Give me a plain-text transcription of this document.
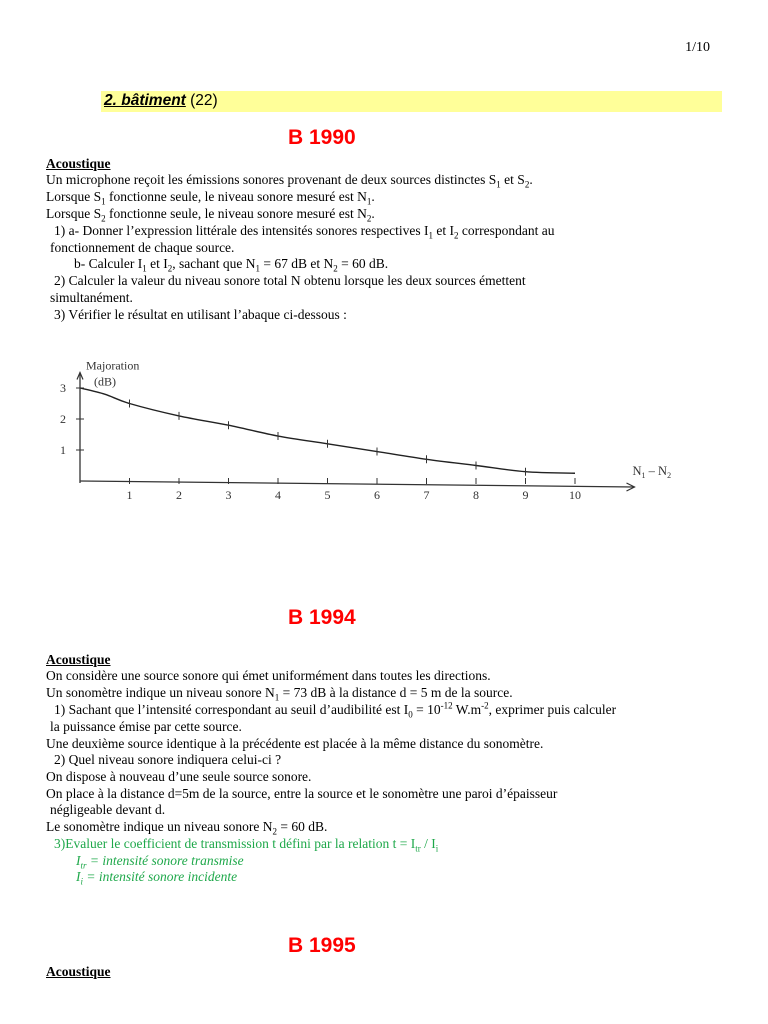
1/10
2. bâtiment (22)
B 1990
Acoustique
Un microphone reçoit les émissions sonores provenant de deux sources distinctes $S_1$ et $S_2$.
Lorsque $S_1$ fonctionne seule, le niveau sonore mesuré est $N_1$.
Lorsque $S_2$ fonctionne seule, le niveau sonore mesuré est $N_2$.
1) a- Donner l’expression littérale des intensités sonores respectives $I_1$ et $I_2$ correspondant au
fonctionnement de chaque source.
b- Calculer $I_1$ et $I_2$, sachant que $N_1 = 67$ dB et $N_2 = 60$ dB.
2) Calculer la valeur du niveau sonore total N obtenu lorsque les deux sources émettent
simultanément.
3) Vérifier le résultat en utilisant l’abaque ci-dessous :
Majoration
(dB)
$N_1 - N_2$
1	2	3	4	5	6	7	8	9	10
1
2
3
B 1994
Acoustique
On considère une source sonore qui émet uniformément dans toutes les directions.
Un sonomètre indique un niveau sonore $N_1 = 73$ dB à la distance d = 5 m de la source.
1) Sachant que l’intensité correspondant au seuil d’audibilité est $I_0 = 10^{-12}$ $W.m^{-2}$, exprimer puis calculer
la puissance émise par cette source.
Une deuxième source identique à la précédente est placée à la même distance du sonomètre.
2) Quel niveau sonore indiquera celui-ci ?
On dispose à nouveau d’une seule source sonore.
On place à la distance d=5m de la source, entre la source et le sonomètre une paroi d’épaisseur
négligeable devant d.
Le sonomètre indique un niveau sonore $N_2 = 60$ dB.
3)Evaluer le coefficient de transmission t défini par la relation $t = I_{tr} / I_i$
$I_{tr}$ = intensité sonore transmise
$I_i$ = intensité sonore incidente
B 1995
Acoustique
